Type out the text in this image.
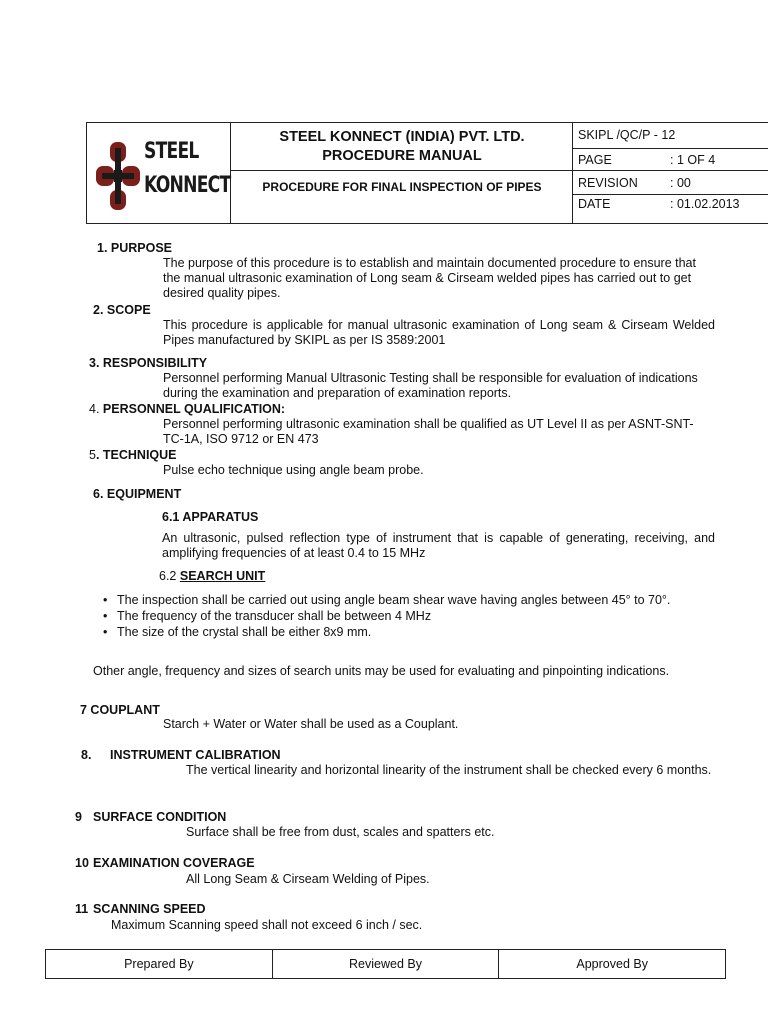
STEEL
KONNECT
STEEL KONNECT (INDIA) PVT. LTD.
PROCEDURE MANUAL
PROCEDURE FOR FINAL INSPECTION OF PIPES
SKIPL /QC/P - 12
PAGE	: 1 OF 4
REVISION	: 00
DATE	: 01.02.2013
1. PURPOSE
The purpose of this procedure is to establish and maintain documented procedure to ensure that the manual ultrasonic examination of Long seam & Cirseam welded pipes has carried out to get desired quality pipes.
2. SCOPE
This procedure is applicable for manual ultrasonic examination of Long seam & Cirseam Welded Pipes manufactured by SKIPL as per IS 3589:2001
3. RESPONSIBILITY
Personnel performing Manual Ultrasonic Testing shall be responsible for evaluation of indications during the examination and preparation of examination reports.
4. PERSONNEL QUALIFICATION:
Personnel performing ultrasonic examination shall be qualified as UT Level II as per ASNT-SNT-TC-1A, ISO 9712 or EN 473
5. TECHNIQUE
Pulse echo technique using angle beam probe.
6. EQUIPMENT
6.1 APPARATUS
An ultrasonic, pulsed reflection type of instrument that is capable of generating, receiving, and amplifying frequencies of at least 0.4 to 15 MHz
6.2 SEARCH UNIT
• The inspection shall be carried out using angle beam shear wave having angles between 45° to 70°.
• The frequency of the transducer shall be between 4 MHz
• The size of the crystal shall be either 8x9 mm.
Other angle, frequency and sizes of search units may be used for evaluating and pinpointing indications.
7 COUPLANT
Starch + Water or Water shall be used as a Couplant.
8. INSTRUMENT CALIBRATION
The vertical linearity and horizontal linearity of the instrument shall be checked every 6 months.
9 SURFACE CONDITION
Surface shall be free from dust, scales and spatters etc.
10 EXAMINATION COVERAGE
All Long Seam & Cirseam Welding of Pipes.
11 SCANNING SPEED
Maximum Scanning speed shall not exceed 6 inch / sec.
Prepared By	Reviewed By	Approved By
